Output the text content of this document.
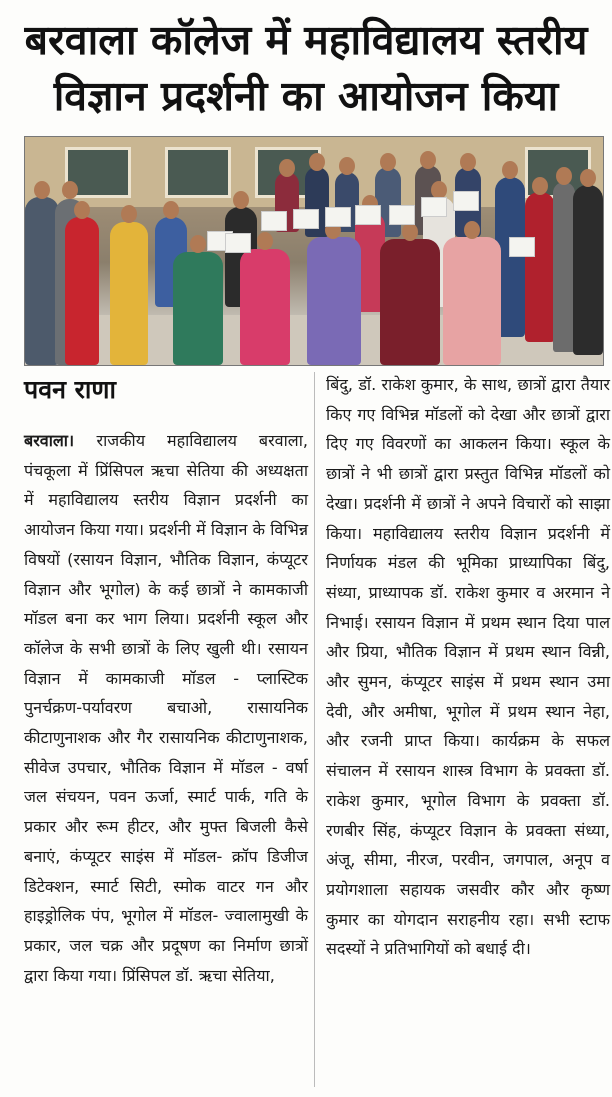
बरवाला कॉलेज में महाविद्यालय स्तरीय
विज्ञान प्रदर्शनी का आयोजन किया
पवन राणा
बरवाला। राजकीय महाविद्यालय बरवाला, पंचकूला में प्रिंसिपल ऋचा सेतिया की अध्यक्षता में महाविद्यालय स्तरीय विज्ञान प्रदर्शनी का आयोजन किया गया। प्रदर्शनी में विज्ञान के विभिन्न विषयों (रसायन विज्ञान, भौतिक विज्ञान, कंप्यूटर विज्ञान और भूगोल) के कई छात्रों ने कामकाजी मॉडल बना कर भाग लिया। प्रदर्शनी स्कूल और कॉलेज के सभी छात्रों के लिए खुली थी। रसायन विज्ञान में कामकाजी मॉडल - प्लास्टिक पुनर्चक्रण-पर्यावरण बचाओ, रासायनिक कीटाणुनाशक और गैर रासायनिक कीटाणुनाशक, सीवेज उपचार, भौतिक विज्ञान में मॉडल - वर्षा जल संचयन, पवन ऊर्जा, स्मार्ट पार्क, गति के प्रकार और रूम हीटर, और मुफ्त बिजली कैसे बनाएं, कंप्यूटर साइंस में मॉडल- क्रॉप डिजीज डिटेक्शन, स्मार्ट सिटी, स्मोक वाटर गन और हाइड्रोलिक पंप, भूगोल में मॉडल- ज्वालामुखी के प्रकार, जल चक्र और प्रदूषण का निर्माण छात्रों द्वारा किया गया। प्रिंसिपल डॉ. ऋचा सेतिया,
बिंदु, डॉ. राकेश कुमार, के साथ, छात्रों द्वारा तैयार किए गए विभिन्न मॉडलों को देखा और छात्रों द्वारा दिए गए विवरणों का आकलन किया। स्कूल के छात्रों ने भी छात्रों द्वारा प्रस्तुत विभिन्न मॉडलों को देखा। प्रदर्शनी में छात्रों ने अपने विचारों को साझा किया। महाविद्यालय स्तरीय विज्ञान प्रदर्शनी में निर्णायक मंडल की भूमिका प्राध्यापिका बिंदु, संध्या, प्राध्यापक डॉ. राकेश कुमार व अरमान ने निभाई। रसायन विज्ञान में प्रथम स्थान दिया पाल और प्रिया, भौतिक विज्ञान में प्रथम स्थान विन्नी, और सुमन, कंप्यूटर साइंस में प्रथम स्थान उमा देवी, और अमीषा, भूगोल में प्रथम स्थान नेहा, और रजनी प्राप्त किया। कार्यक्रम के सफल संचालन में रसायन शास्त्र विभाग के प्रवक्ता डॉ. राकेश कुमार, भूगोल विभाग के प्रवक्ता डॉ. रणबीर सिंह, कंप्यूटर विज्ञान के प्रवक्ता संध्या, अंजू, सीमा, नीरज, परवीन, जगपाल, अनूप व प्रयोगशाला सहायक जसवीर कौर और कृष्ण कुमार का योगदान सराहनीय रहा। सभी स्टाफ सदस्यों ने प्रतिभागियों को बधाई दी।
